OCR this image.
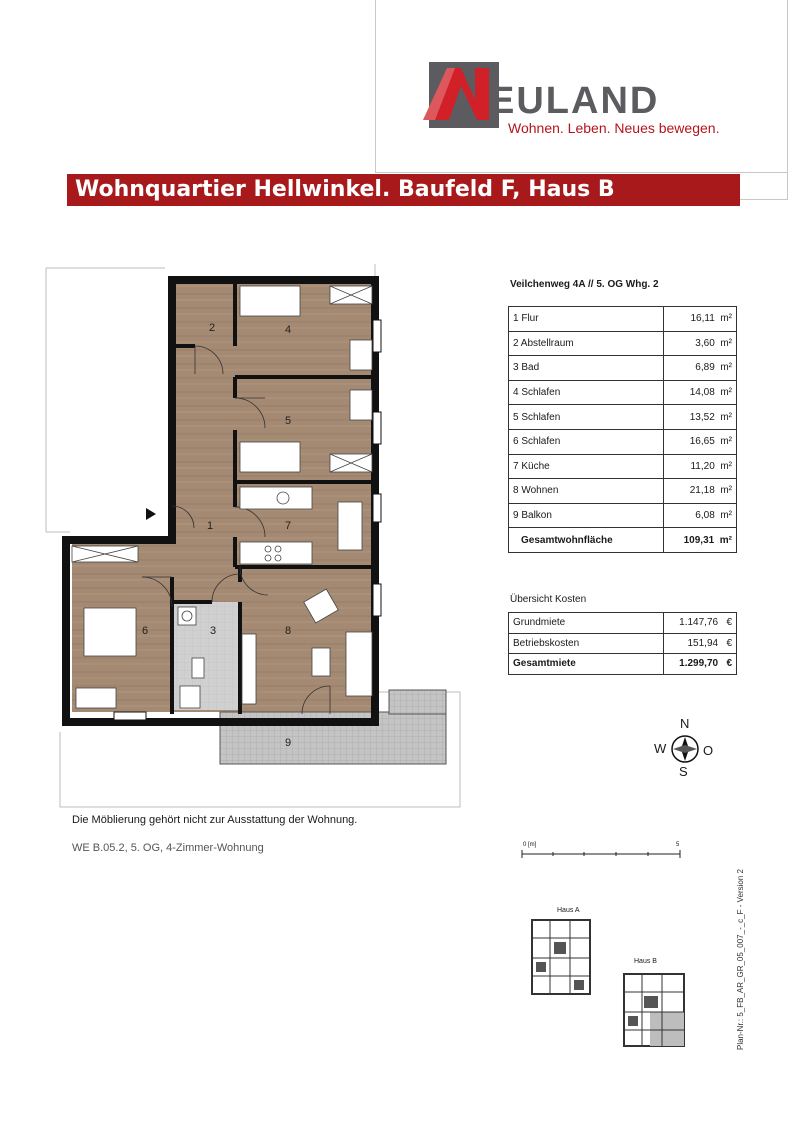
EULAND
Wohnen. Leben. Neues bewegen.
Wohnquartier Hellwinkel. Baufeld F, Haus B
1
2
3
4
5
6
7
8
9
Veilchenweg 4A // 5. OG Whg. 2
1 Flur	16,11 m²
2 Abstellraum	3,60 m²
3 Bad	6,89 m²
4 Schlafen	14,08 m²
5 Schlafen	13,52 m²
6 Schlafen	16,65 m²
7 Küche	11,20 m²
8 Wohnen	21,18 m²
9 Balkon	6,08 m²
Gesamtwohnfläche	109,31 m²
Übersicht Kosten
Grundmiete	1.147,76 €
Betriebskosten	151,94 €
Gesamtmiete	1.299,70 €
N
W	O
S
Die Möblierung gehört nicht zur Ausstattung der Wohnung.
WE B.05.2, 5. OG, 4-Zimmer-Wohnung	0 [m]	5
Haus A
Haus B	Plan-Nr.: 5_FB_AR_GR_05_007_-_c_F - Version 2
